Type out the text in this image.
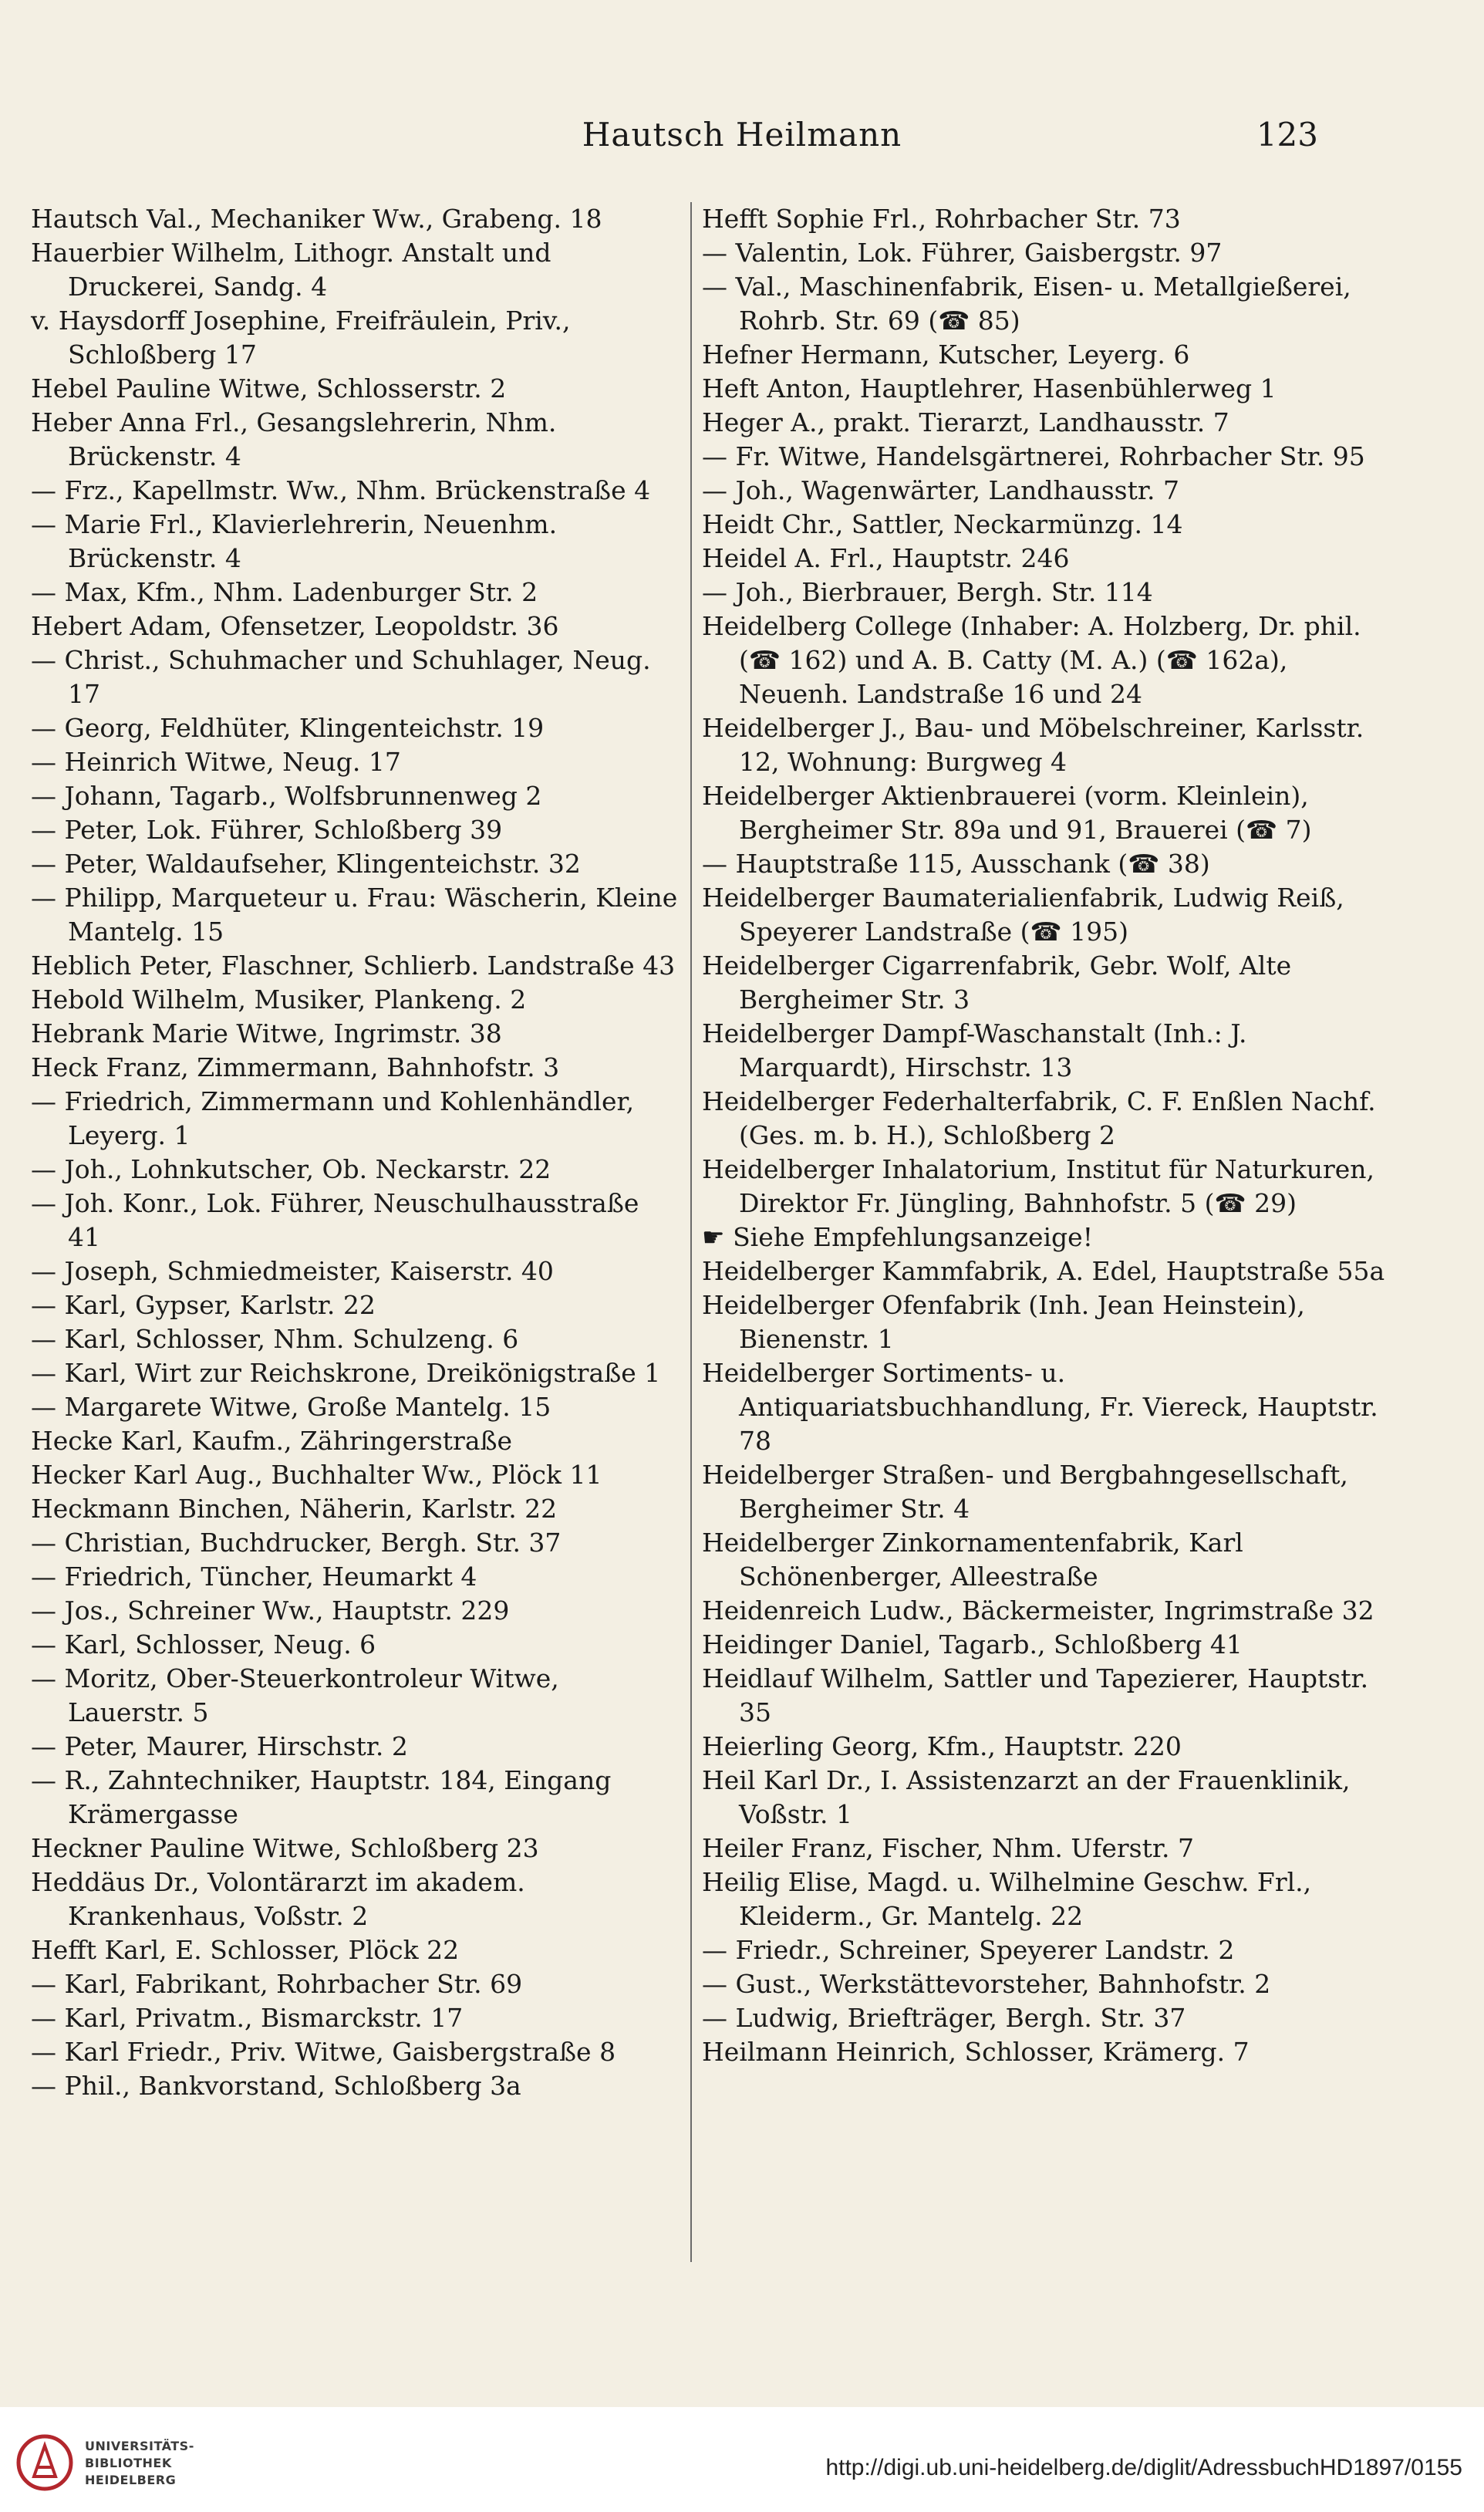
Hautsch Heilmann	123

Hautsch Val., Mechaniker Ww., Grabeng. 18

Hauerbier Wilhelm, Lithogr. Anstalt und Druckerei, Sandg. 4

v. Haysdorff Josephine, Freifräulein, Priv., Schloßberg 17

Hebel Pauline Witwe, Schlosserstr. 2

Heber Anna Frl., Gesangslehrerin, Nhm. Brückenstr. 4

— Frz., Kapellmstr. Ww., Nhm. Brückenstraße 4

— Marie Frl., Klavierlehrerin, Neuenhm. Brückenstr. 4

— Max, Kfm., Nhm. Ladenburger Str. 2

Hebert Adam, Ofensetzer, Leopoldstr. 36

— Christ., Schuhmacher und Schuhlager, Neug. 17

— Georg, Feldhüter, Klingenteichstr. 19

— Heinrich Witwe, Neug. 17

— Johann, Tagarb., Wolfsbrunnenweg 2

— Peter, Lok. Führer, Schloßberg 39

— Peter, Waldaufseher, Klingenteichstr. 32

— Philipp, Marqueteur u. Frau: Wäscherin, Kleine Mantelg. 15

Heblich Peter, Flaschner, Schlierb. Landstraße 43

Hebold Wilhelm, Musiker, Plankeng. 2

Hebrank Marie Witwe, Ingrimstr. 38

Heck Franz, Zimmermann, Bahnhofstr. 3

— Friedrich, Zimmermann und Kohlenhändler, Leyerg. 1

— Joh., Lohnkutscher, Ob. Neckarstr. 22

— Joh. Konr., Lok. Führer, Neuschulhausstraße 41

— Joseph, Schmiedmeister, Kaiserstr. 40

— Karl, Gypser, Karlstr. 22

— Karl, Schlosser, Nhm. Schulzeng. 6

— Karl, Wirt zur Reichskrone, Dreikönigstraße 1

— Margarete Witwe, Große Mantelg. 15

Hecke Karl, Kaufm., Zähringerstraße

Hecker Karl Aug., Buchhalter Ww., Plöck 11

Heckmann Binchen, Näherin, Karlstr. 22

— Christian, Buchdrucker, Bergh. Str. 37

— Friedrich, Tüncher, Heumarkt 4

— Jos., Schreiner Ww., Hauptstr. 229

— Karl, Schlosser, Neug. 6

— Moritz, Ober-Steuerkontroleur Witwe, Lauerstr. 5

— Peter, Maurer, Hirschstr. 2

— R., Zahntechniker, Hauptstr. 184, Eingang Krämergasse

Heckner Pauline Witwe, Schloßberg 23

Heddäus Dr., Volontärarzt im akadem. Krankenhaus, Voßstr. 2

Hefft Karl, E. Schlosser, Plöck 22

— Karl, Fabrikant, Rohrbacher Str. 69

— Karl, Privatm., Bismarckstr. 17

— Karl Friedr., Priv. Witwe, Gaisbergstraße 8

— Phil., Bankvorstand, Schloßberg 3a

Hefft Sophie Frl., Rohrbacher Str. 73

— Valentin, Lok. Führer, Gaisbergstr. 97

— Val., Maschinenfabrik, Eisen- u. Metallgießerei, Rohrb. Str. 69 (☎ 85)

Hefner Hermann, Kutscher, Leyerg. 6

Heft Anton, Hauptlehrer, Hasenbühlerweg 1

Heger A., prakt. Tierarzt, Landhausstr. 7

— Fr. Witwe, Handelsgärtnerei, Rohrbacher Str. 95

— Joh., Wagenwärter, Landhausstr. 7

Heidt Chr., Sattler, Neckarmünzg. 14

Heidel A. Frl., Hauptstr. 246

— Joh., Bierbrauer, Bergh. Str. 114

Heidelberg College (Inhaber: A. Holzberg, Dr. phil. (☎ 162) und A. B. Catty (M. A.) (☎ 162a), Neuenh. Landstraße 16 und 24

Heidelberger J., Bau- und Möbelschreiner, Karlsstr. 12, Wohnung: Burgweg 4

Heidelberger Aktienbrauerei (vorm. Kleinlein), Bergheimer Str. 89a und 91, Brauerei (☎ 7)

— Hauptstraße 115, Ausschank (☎ 38)

Heidelberger Baumaterialienfabrik, Ludwig Reiß, Speyerer Landstraße (☎ 195)

Heidelberger Cigarrenfabrik, Gebr. Wolf, Alte Bergheimer Str. 3

Heidelberger Dampf-Waschanstalt (Inh.: J. Marquardt), Hirschstr. 13

Heidelberger Federhalterfabrik, C. F. Enßlen Nachf. (Ges. m. b. H.), Schloßberg 2

Heidelberger Inhalatorium, Institut für Naturkuren, Direktor Fr. Jüngling, Bahnhofstr. 5 (☎ 29)

☛ Siehe Empfehlungsanzeige!

Heidelberger Kammfabrik, A. Edel, Hauptstraße 55a

Heidelberger Ofenfabrik (Inh. Jean Heinstein), Bienenstr. 1

Heidelberger Sortiments- u. Antiquariatsbuchhandlung, Fr. Viereck, Hauptstr. 78

Heidelberger Straßen- und Bergbahngesellschaft, Bergheimer Str. 4

Heidelberger Zinkornamentenfabrik, Karl Schönenberger, Alleestraße

Heidenreich Ludw., Bäckermeister, Ingrimstraße 32

Heidinger Daniel, Tagarb., Schloßberg 41

Heidlauf Wilhelm, Sattler und Tapezierer, Hauptstr. 35

Heierling Georg, Kfm., Hauptstr. 220

Heil Karl Dr., I. Assistenzarzt an der Frauenklinik, Voßstr. 1

Heiler Franz, Fischer, Nhm. Uferstr. 7

Heilig Elise, Magd. u. Wilhelmine Geschw. Frl., Kleiderm., Gr. Mantelg. 22

— Friedr., Schreiner, Speyerer Landstr. 2

— Gust., Werkstättevorsteher, Bahnhofstr. 2

— Ludwig, Briefträger, Bergh. Str. 37

Heilmann Heinrich, Schlosser, Krämerg. 7

UNIVERSITÄTS-
BIBLIOTHEK
HEIDELBERG	http://digi.ub.uni-heidelberg.de/diglit/AdressbuchHD1897/0155
